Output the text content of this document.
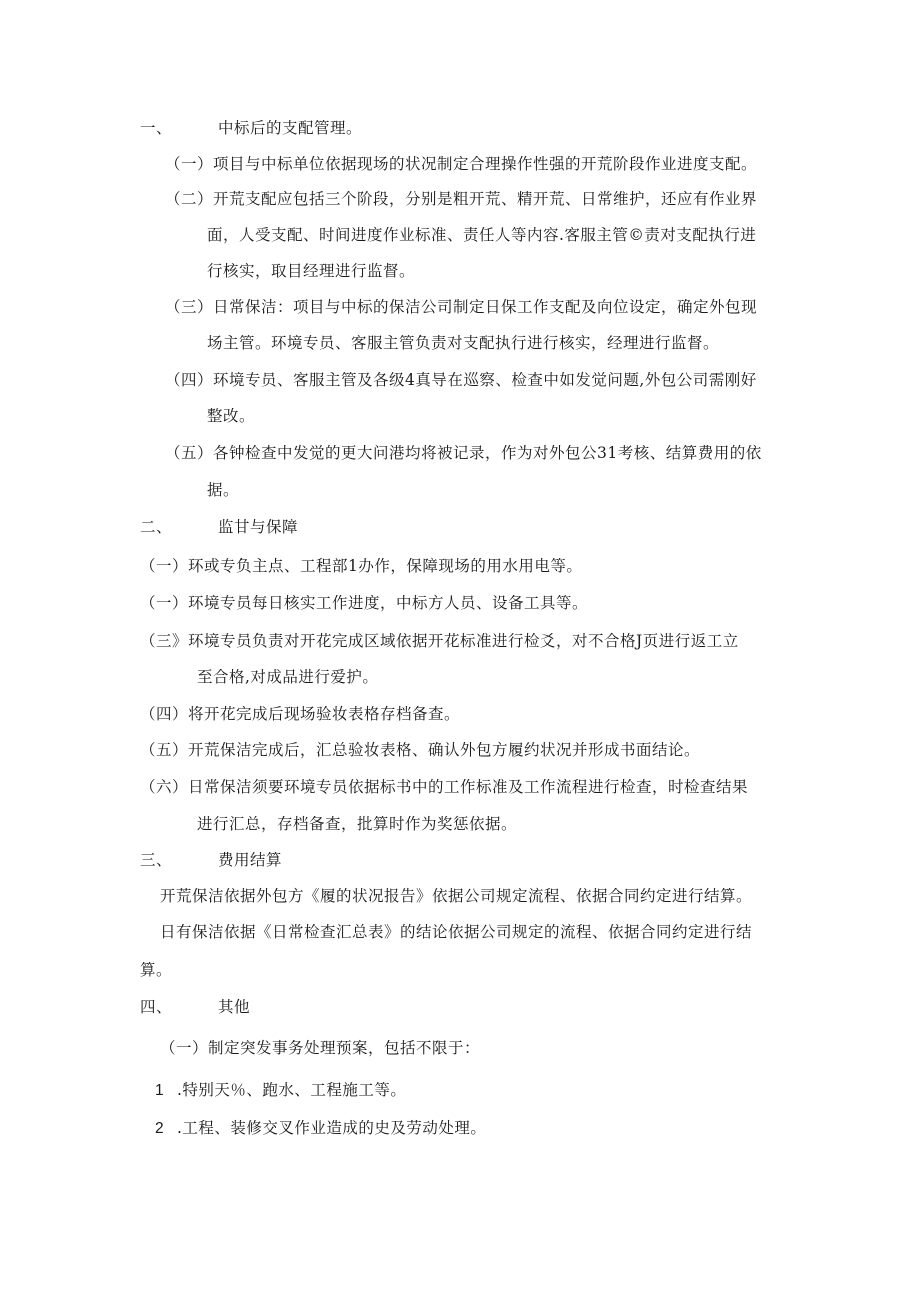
一、	中标后的支配管理。
（一）项目与中标单位依据现场的状况制定合理操作性强的开荒阶段作业进度支配。
（二）开荒支配应包括三个阶段，分别是粗开荒、精开荒、日常维护，还应有作业界
面，人受支配、时间进度作业标准、责任人等内容.客服主管©责对支配执行进
行核实，取目经理进行监督。
（三）日常保洁：项目与中标的保洁公司制定日保工作支配及向位设定，确定外包现
场主管。环境专员、客服主管负责对支配执行进行核实，经理进行监督。
（四）环境专员、客服主管及各级4真导在巡察、检查中如发觉问题,外包公司需刚好
整改。
（五）各钟检查中发觉的更大问港均将被记录，作为对外包公31考核、结算费用的依
据。
二、	监甘与保障
（一）环或专负主点、工程部1办作，保障现场的用水用电等。
（一）环境专员每日核实工作进度，中标方人员、设备工具等。
（三》环境专员负责对开花完成区域依据开花标准进行检爻，对不合格J页进行返工立
至合格,对成品进行爱护。
（四）将开花完成后现场验妆表格存档备查。
（五）开荒保洁完成后，汇总验妆表格、确认外包方履约状况并形成书面结论。
（六）日常保洁须要环境专员依据标书中的工作标准及工作流程进行检查，时检查结果
进行汇总，存档备查，批算时作为奖惩依据。
三、	费用结算
开荒保洁依据外包方《履的状况报告》依据公司规定流程、依据合同约定进行结算。
日有保洁依据《日常检查汇总表》的结论依据公司规定的流程、依据合同约定进行结
算。
四、	其他
（一）制定突发事务处理预案，包括不限于：
1 .特别天％、跑水、工程施工等。
2 .工程、装修交叉作业造成的史及劳动处理。
